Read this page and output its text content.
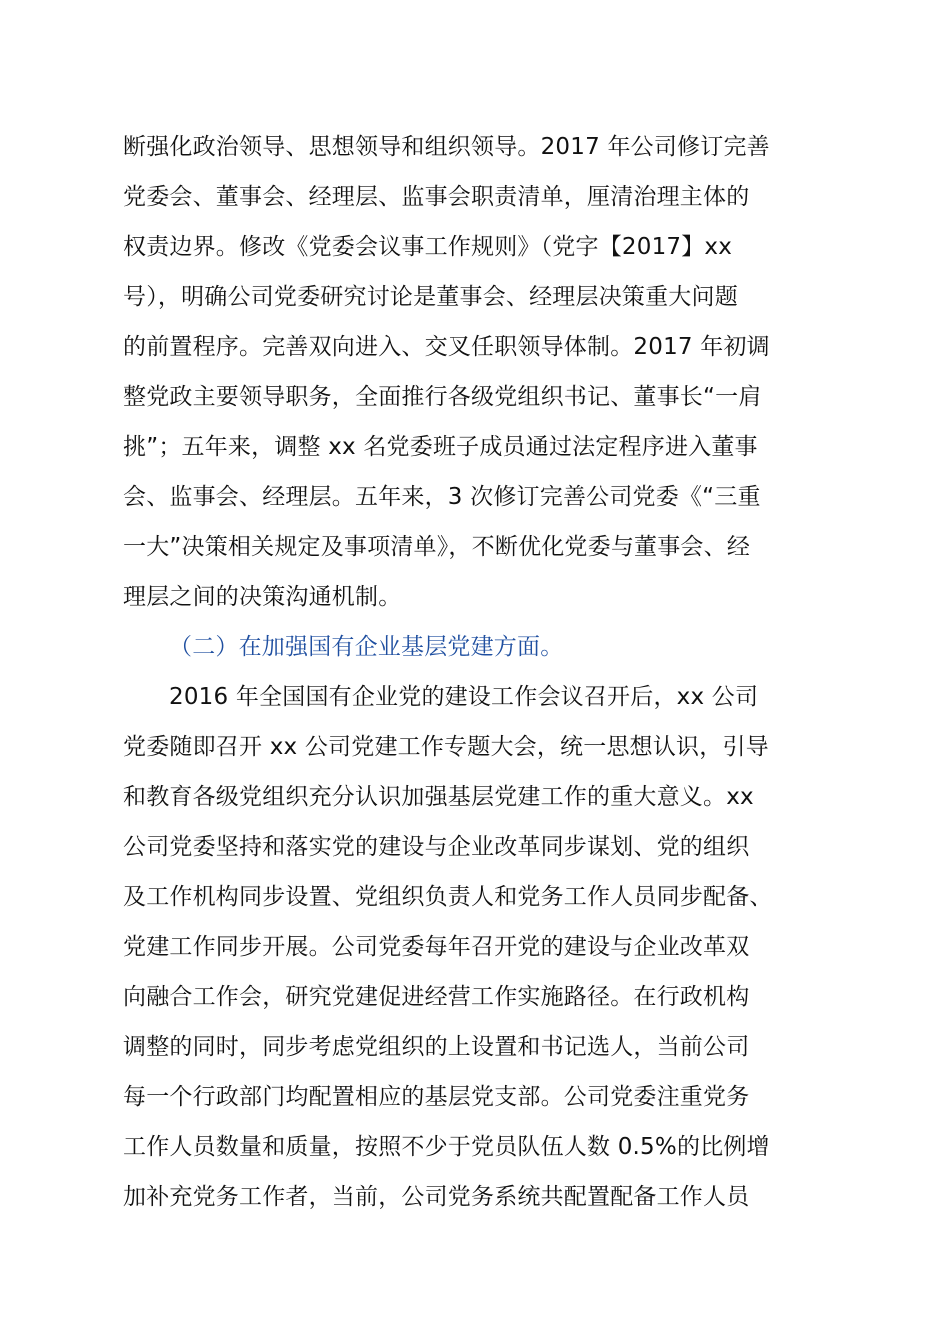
断强化政治领导、思想领导和组织领导。2017 年公司修订完善
党委会、董事会、经理层、监事会职责清单，厘清治理主体的
权责边界。修改《党委会议事工作规则》（党字【2017】xx
号），明确公司党委研究讨论是董事会、经理层决策重大问题
的前置程序。完善双向进入、交叉任职领导体制。2017 年初调
整党政主要领导职务，全面推行各级党组织书记、董事长“一肩
挑”；五年来，调整 xx 名党委班子成员通过法定程序进入董事
会、监事会、经理层。五年来，3 次修订完善公司党委《“三重
一大”决策相关规定及事项清单》，不断优化党委与董事会、经
理层之间的决策沟通机制。
（二）在加强国有企业基层党建方面。
2016 年全国国有企业党的建设工作会议召开后，xx 公司
党委随即召开 xx 公司党建工作专题大会，统一思想认识，引导
和教育各级党组织充分认识加强基层党建工作的重大意义。xx
公司党委坚持和落实党的建设与企业改革同步谋划、党的组织
及工作机构同步设置、党组织负责人和党务工作人员同步配备、
党建工作同步开展。公司党委每年召开党的建设与企业改革双
向融合工作会，研究党建促进经营工作实施路径。在行政机构
调整的同时，同步考虑党组织的上设置和书记选人，当前公司
每一个行政部门均配置相应的基层党支部。公司党委注重党务
工作人员数量和质量，按照不少于党员队伍人数 0.5%的比例增
加补充党务工作者，当前，公司党务系统共配置配备工作人员
